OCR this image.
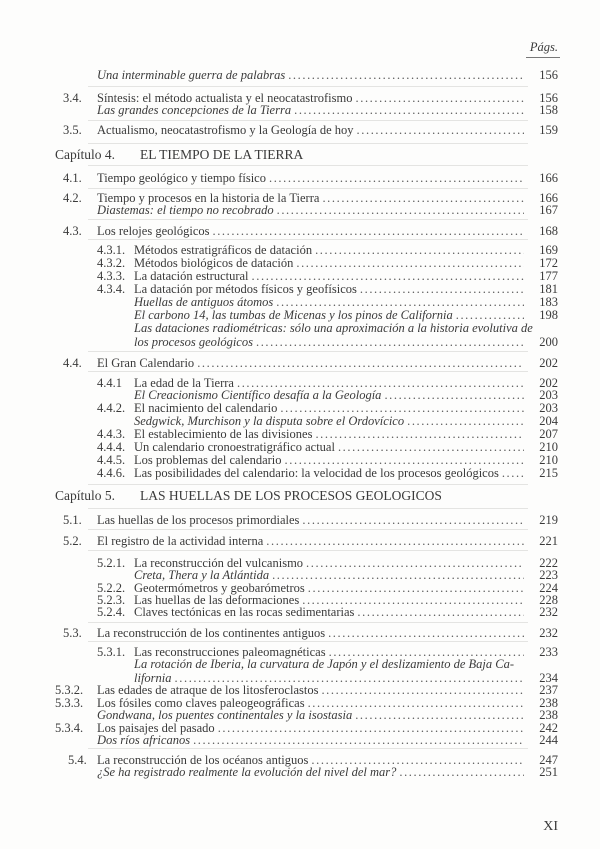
Págs.
Una interminable guerra de palabras .....	156
3.4. Síntesis: el método actualista y el neocatastrofismo .....	156
Las grandes concepciones de la Tierra .....	158
3.5. Actualismo, neocatastrofismo y la Geología de hoy .....	159
Capítulo 4. EL TIEMPO DE LA TIERRA
4.1. Tiempo geológico y tiempo físico .....	166
4.2. Tiempo y procesos en la historia de la Tierra .....	166
Diastemas: el tiempo no recobrado .....	167
4.3. Los relojes geológicos .....	168
4.3.1. Métodos estratigráficos de datación .....	169
4.3.2. Métodos biológicos de datación .....	172
4.3.3. La datación estructural .....	177
4.3.4. La datación por métodos físicos y geofísicos .....	181
Huellas de antiguos átomos .....	183
El carbono 14, las tumbas de Micenas y los pinos de California .....	198
Las dataciones radiométricas: sólo una aproximación a la historia evolutiva de
los procesos geológicos .....	200
4.4. El Gran Calendario .....	202
4.4.1 La edad de la Tierra .....	202
El Creacionismo Científico desafía a la Geología .....	203
4.4.2. El nacimiento del calendario .....	203
Sedgwick, Murchison y la disputa sobre el Ordovícico .....	204
4.4.3. El establecimiento de las divisiones .....	207
4.4.4. Un calendario cronoestratigráfico actual .....	210
4.4.5. Los problemas del calendario .....	210
4.4.6. Las posibilidades del calendario: la velocidad de los procesos geológicos .....	215
Capítulo 5. LAS HUELLAS DE LOS PROCESOS GEOLOGICOS
5.1. Las huellas de los procesos primordiales .....	219
5.2. El registro de la actividad interna .....	221
5.2.1. La reconstrucción del vulcanismo .....	222
Creta, Thera y la Atlántida .....	223
5.2.2. Geotermómetros y geobarómetros .....	224
5.2.3. Las huellas de las deformaciones .....	228
5.2.4. Claves tectónicas en las rocas sedimentarias .....	232
5.3. La reconstrucción de los continentes antiguos .....	232
5.3.1. Las reconstrucciones paleomagnéticas .....	233
La rotación de Iberia, la curvatura de Japón y el deslizamiento de Baja Ca-
lifornia .....	234
5.3.2. Las edades de atraque de los litosferoclastos .....	237
5.3.3. Los fósiles como claves paleogeográficas .....	238
Gondwana, los puentes continentales y la isostasia .....	238
5.3.4. Los paisajes del pasado .....	242
Dos ríos africanos .....	244
5.4. La reconstrucción de los océanos antiguos .....	247
¿Se ha registrado realmente la evolución del nivel del mar? .....	251
XI
